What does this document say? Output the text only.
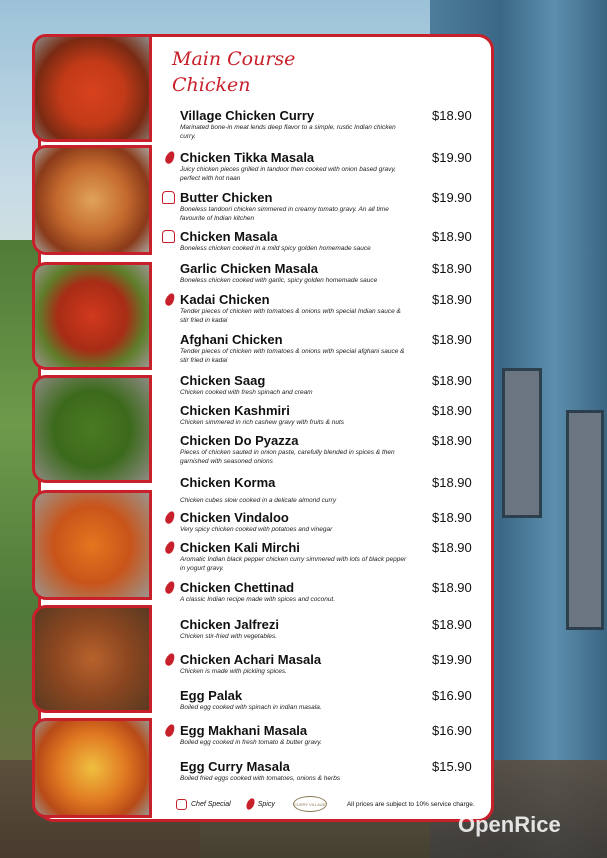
Main Course
Chicken
Village Chicken Curry
Marinated bone-in meat lends deep flavor to a simple, rustic Indian chicken curry.
$18.90
Chicken Tikka Masala
Juicy chicken pieces grilled in tandoor then cooked with onion based gravy, perfect with hot naan
$19.90
Butter Chicken
Boneless tandoori chicken simmered in creamy tomato gravy. An all time favourite of Indian kitchen
$19.90
Chicken Masala
Boneless chicken cooked in a mild spicy golden homemade sauce
$18.90
Garlic Chicken Masala
Boneless chicken cooked with garlic, spicy golden homemade sauce
$18.90
Kadai Chicken
Tender pieces of chicken with tomatoes & onions with special Indian sauce & stir fried in kadai
$18.90
Afghani Chicken
Tender pieces of chicken with tomatoes & onions with special afghani sauce & stir fried in kadai
$18.90
Chicken Saag
Chicken cooked with fresh spinach and cream
$18.90
Chicken Kashmiri
Chicken simmered in rich cashew gravy with fruits & nuts
$18.90
Chicken Do Pyazza
Pieces of chicken sauted in onion paste, carefully blended in spices & then garnished with seasoned onions
$18.90
Chicken Korma
Chicken cubes slow cooked in a delicate almond curry
$18.90
Chicken Vindaloo
Very spicy chicken cooked with potatoes and vinegar
$18.90
Chicken Kali Mirchi
Aromatic Indian black pepper chicken curry simmered with lots of black pepper in yogurt gravy.
$18.90
Chicken Chettinad
A classic Indian recipe made with spices and coconut.
$18.90
Chicken Jalfrezi
Chicken stir-fried with vegetables.
$18.90
Chicken Achari Masala
Chicken is made with pickling spices.
$19.90
Egg Palak
Boiled egg cooked with spinach in indian masala.
$16.90
Egg Makhani Masala
Boiled egg cooked in fresh tomato & butter gravy.
$16.90
Egg Curry Masala
Boiled fried eggs cooked with tomatoes, onions & herbs
$15.90
Chef Special	Spicy	CURRY VILLAGE	All prices are subject to 10% service charge.
OpenRice
